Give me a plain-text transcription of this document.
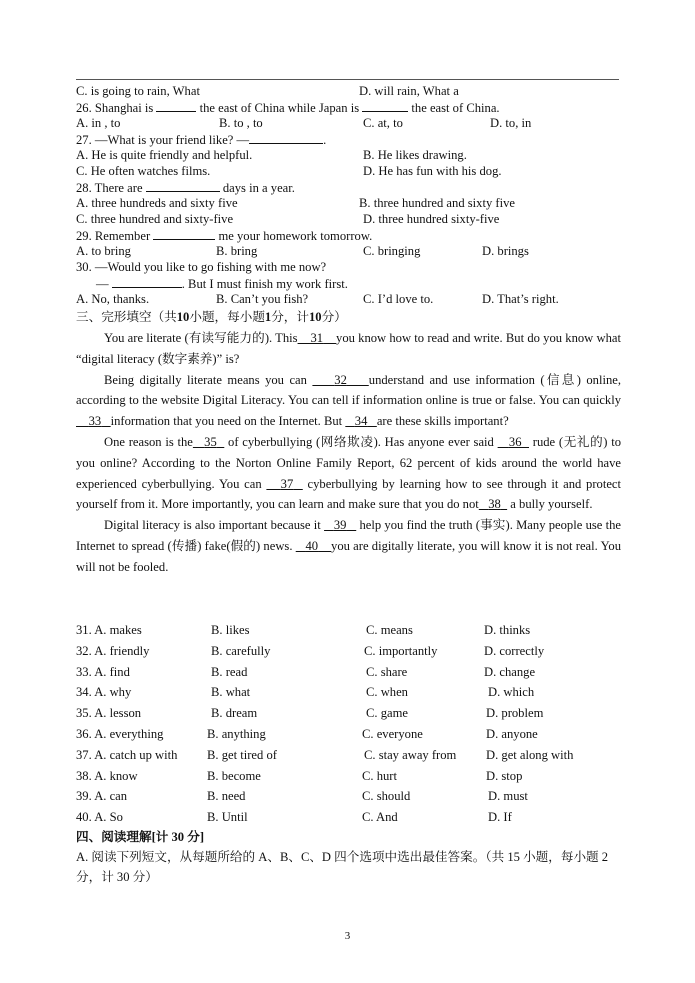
C. is going to rain, What	D. will rain, What a
26. Shanghai is	the east of China while Japan is	the east of China.
A. in , to	B. to , to	C. at, to	D. to, in
27. —What is your friend like? —	.
A. He is quite friendly and helpful.	B. He likes drawing.
C. He often watches films.	D. He has fun with his dog.
28. There are	days in a year.
A. three hundreds and sixty five	B. three hundred and sixty five
C. three hundred and sixty-five	D. three hundred sixty-five
29. Remember	me your homework tomorrow.
A. to bring	B. bring	C. bringing	D. brings
30. —Would you like to go fishing with me now?
—	. But I must finish my work first.
A. No, thanks.	B. Can’t you fish?	C. I’d love to.	D. That’s right.
三、完形填空（共10小题，每小题1分，计10分）

You are literate (有读写能力的). This 31 you know how to read and write. But do you know what “digital literacy (数字素养)” is?

Being digitally literate means you can 32 understand and use information (信息) online, according to the website Digital Literacy. You can tell if information online is true or false. You can quickly     33 information that you need on the Internet. But 34 are these skills important?

One reason is the 35 of cyberbullying (网络欺凌). Has anyone ever said 36 rude (无礼的) to you online? According to the Norton Online Family Report, 62 percent of kids around the world have experienced cyberbullying. You can 37 cyberbullying by learning how to see through it and protect yourself from it. More importantly, you can learn and make sure that you do not 38 a bully yourself.

Digital literacy is also important because it 39 help you find the truth (事实). Many people use the Internet to spread (传播) fake(假的) news. 40 you are digitally literate, you will know it is not real. You will not be fooled.

31. A. makes	B. likes	C. means	D. thinks
32. A. friendly	B. carefully	C. importantly	D. correctly
33. A. find	B. read	C. share	D. change
34. A. why	B. what	C. when	D. which
35. A. lesson	B. dream	C. game	D. problem
36. A. everything	B. anything	C. everyone	D. anyone
37. A. catch up with B. get tired of	C. stay away from D. get along with
38. A. know	B. become	C. hurt	D. stop
39. A. can	B. need	C. should	D. must
40. A. So	B. Until	C. And	D. If
四、阅读理解[计 30 分]
A. 阅读下列短文，从每题所给的 A、B、C、D 四个选项中选出最佳答案。（共 15 小题，每小题 2 分，计 30 分）
3
